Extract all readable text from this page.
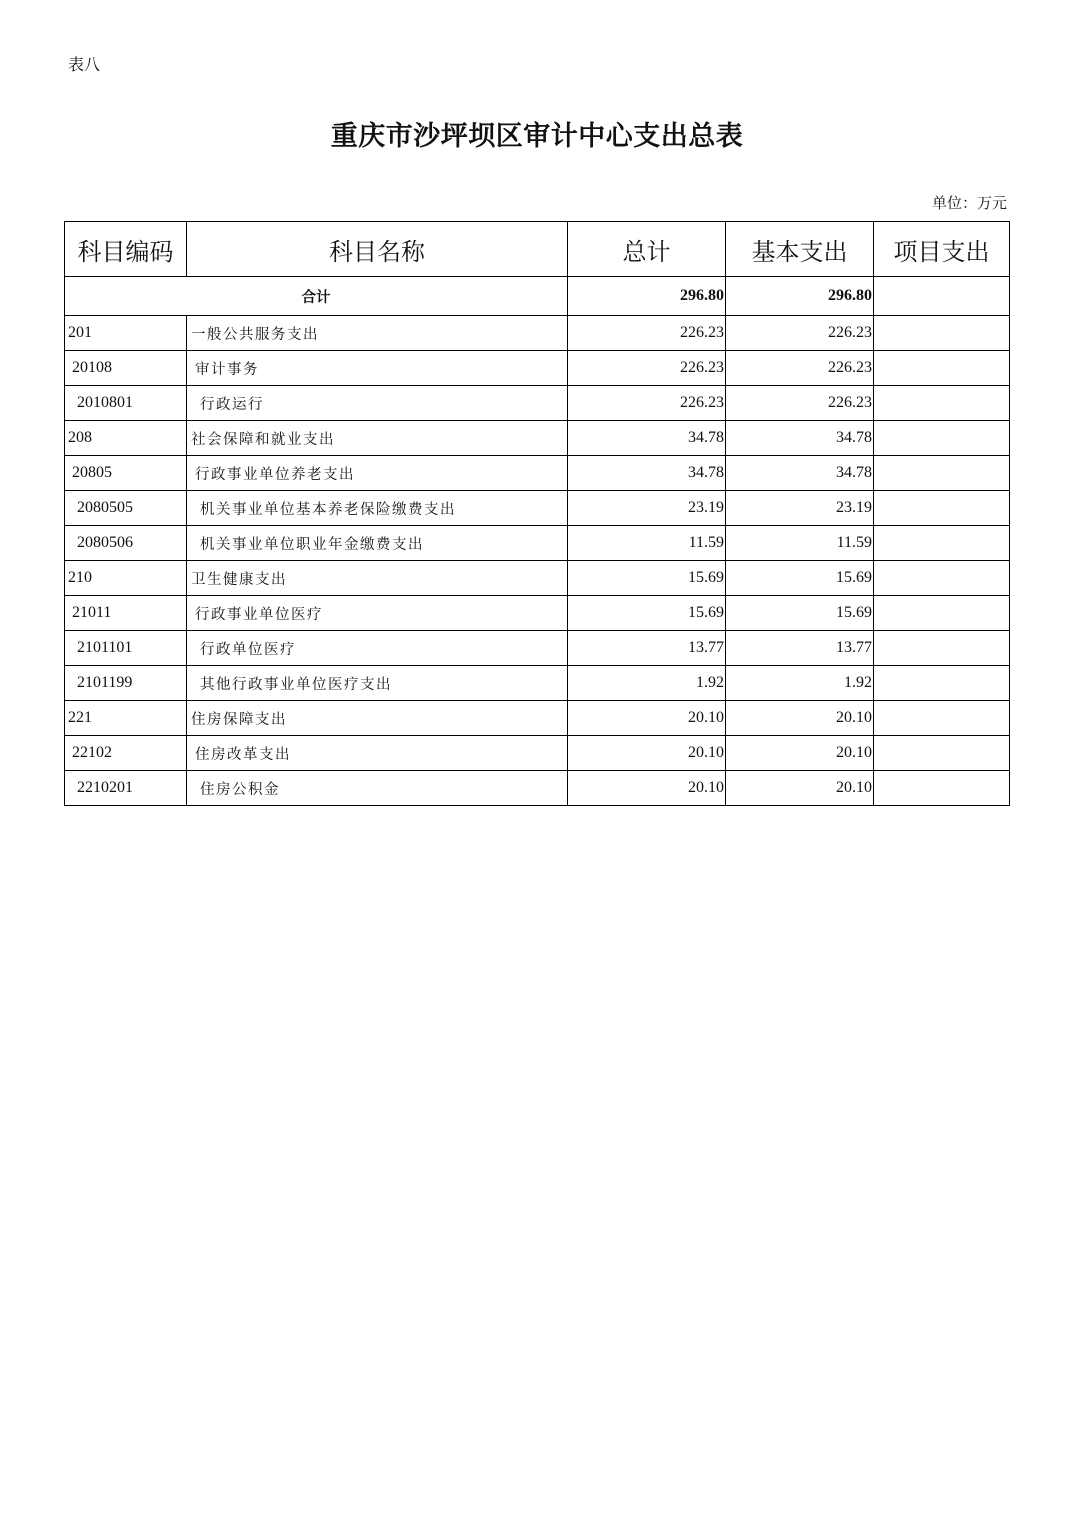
表八
重庆市沙坪坝区审计中心支出总表
单位：万元
科目编码	科目名称	总计	基本支出	项目支出
合计		296.80	296.80	
201	一般公共服务支出	226.23	226.23	
20108	审计事务	226.23	226.23	
2010801	行政运行	226.23	226.23	
208	社会保障和就业支出	34.78	34.78	
20805	行政事业单位养老支出	34.78	34.78	
2080505	机关事业单位基本养老保险缴费支出	23.19	23.19	
2080506	机关事业单位职业年金缴费支出	11.59	11.59	
210	卫生健康支出	15.69	15.69	
21011	行政事业单位医疗	15.69	15.69	
2101101	行政单位医疗	13.77	13.77	
2101199	其他行政事业单位医疗支出	1.92	1.92	
221	住房保障支出	20.10	20.10	
22102	住房改革支出	20.10	20.10	
2210201	住房公积金	20.10	20.10	
